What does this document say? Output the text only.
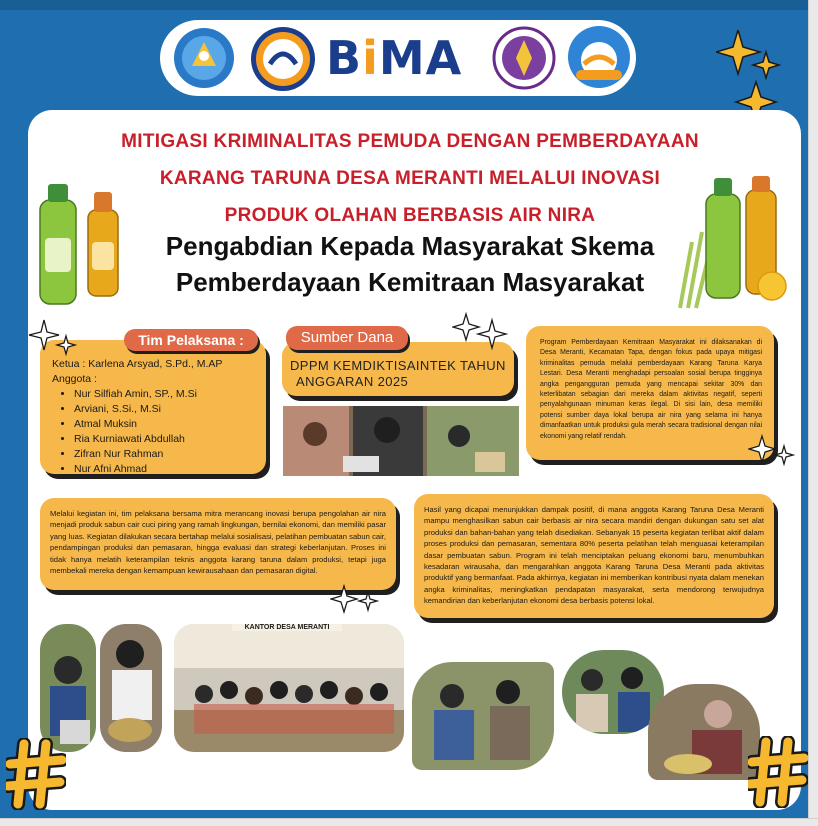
BiMA
MITIGASI KRIMINALITAS PEMUDA DENGAN PEMBERDAYAAN
KARANG TARUNA DESA MERANTI MELALUI INOVASI
PRODUK OLAHAN BERBASIS AIR NIRA
Pengabdian Kepada Masyarakat Skema
Pemberdayaan Kemitraan Masyarakat
Tim Pelaksana :
Ketua : Karlena Arsyad, S.Pd., M.AP
Anggota :
• Nur Silfiah Amin, SP., M.Si
• Arviani, S.Si., M.Si
• Atmal Muksin
• Ria Kurniawati Abdullah
• Zifran Nur Rahman
• Nur Afni Ahmad
Sumber Dana
DPPM KEMDIKTISAINTEK TAHUN
ANGGARAN 2025
Program Pemberdayaan Kemitraan Masyarakat ini dilaksanakan di Desa Meranti, Kecamatan Tapa, dengan fokus pada upaya mitigasi kriminalitas pemuda melalui pemberdayaan Karang Taruna Karya Lestari. Desa Meranti menghadapi persoalan sosial berupa tingginya angka pengangguran pemuda yang mencapai sekitar 30% dan keterlibatan sebagian dari mereka dalam aktivitas negatif, seperti penyalahgunaan minuman keras ilegal. Di sisi lain, desa memiliki potensi sumber daya lokal berupa air nira yang selama ini hanya dimanfaatkan untuk produksi gula merah secara tradisional dengan nilai ekonomi yang relatif rendah.
Melalui kegiatan ini, tim pelaksana bersama mitra merancang inovasi berupa pengolahan air nira menjadi produk sabun cair cuci piring yang ramah lingkungan, bernilai ekonomi, dan memiliki pasar yang luas. Kegiatan dilakukan secara bertahap melalui sosialisasi, pelatihan pembuatan sabun cair, pendampingan produksi dan pemasaran, hingga evaluasi dan strategi keberlanjutan. Proses ini tidak hanya melatih keterampilan teknis anggota karang taruna dalam produksi, tetapi juga membekali mereka dengan kemampuan kewirausahaan dan pemasaran digital.
Hasil yang dicapai menunjukkan dampak positif, di mana anggota Karang Taruna Desa Meranti mampu menghasilkan sabun cair berbasis air nira secara mandiri dengan dukungan satu set alat produksi dan bahan-bahan yang telah disediakan. Sebanyak 15 peserta kegiatan terlibat aktif dalam proses produksi dan pemasaran, sementara 80% peserta pelatihan telah menguasai keterampilan dasar pembuatan sabun. Program ini telah menciptakan peluang ekonomi baru, menumbuhkan kesadaran wirausaha, dan mengarahkan anggota Karang Taruna Desa Meranti pada aktivitas produktif yang bermanfaat. Pada akhirnya, kegiatan ini memberikan kontribusi nyata dalam menekan angka kriminalitas, meningkatkan pendapatan masyarakat, serta mendorong terwujudnya kemandirian dan keberlanjutan ekonomi desa berbasis potensi lokal.
KANTOR DESA MERANTI
